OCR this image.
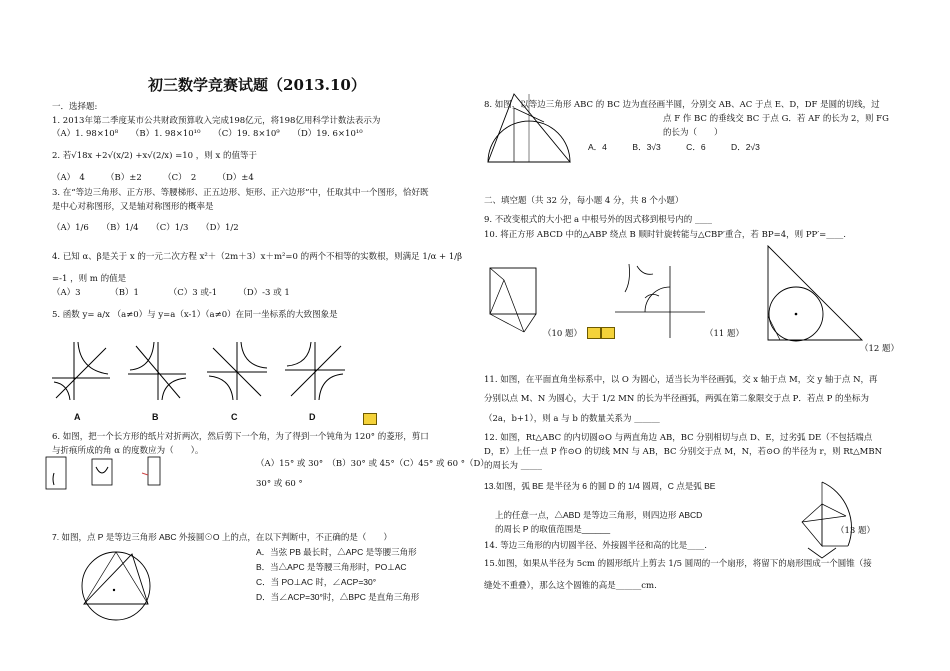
初三数学竞赛试题（2013.10）
一．选择题:
1. 2013年第二季度某市公共财政预算收入完成198亿元，将198亿用科学计数法表示为
（A）1. 98×10⁸　　（B）1. 98×10¹⁰　　（C）19. 8×10⁹　　（D）19. 6×10¹⁰
2. 若√18x +2√(x/2) +x√(2/x) =10 ，则 x 的值等于
（A）　4　　　（B）±2　　　（C）　2　　　（D）±4
3. 在“等边三角形、正方形、等腰梯形、正五边形、矩形、正六边形”中，任取其中一个图形，恰好既
是中心对称图形，又是轴对称图形的概率是
（A）1/6　　（B）1/4　　（C）1/3　　（D）1/2
4. 已知 α、β是关于 x 的一元二次方程 x²＋（2m＋3）x＋m²=0 的两个不相等的实数根，则满足 1/α + 1/β
=-1 ，则 m 的值是
（A）3　　　　（B）1　　　　（C）3 或-1　　　（D）-3 或 1
5. 函数 y= a/x （a≠0）与 y=a（x-1）（a≠0）在同一坐标系的大致图象是
A	B	C	D
6. 如图，把一个长方形的纸片对折两次，然后剪下一个角，为了得到一个钝角为 120° 的菱形，剪口
与折痕所成的角 α 的度数应为（　　）。
（A）15° 或 30°　（B）30° 或 45°（C）45° 或 60 °（D）
30° 或 60 °
7. 如图，点 P 是等边三角形 ABC 外接圆⊙O 上的点，在以下判断中，不正确的是（　　）
A．当弦 PB 最长时，△APC 是等腰三角形
B．当△APC 是等腰三角形时，PO⊥AC
C．当 PO⊥AC 时，∠ACP=30°
D．当∠ACP=30°时，△BPC 是直角三角形
8. 如图，以等边三角形 ABC 的 BC 边为直径画半圆，分别交 AB、AC 于点 E、D，DF 是圆的切线，过
点 F 作 BC 的垂线交 BC 于点 G．若 AF 的长为 2，则 FG
的长为（　　）
A．4　　　B．3√3　　　C．6　　　D．2√3
二、填空题（共 32 分，每小题 4 分，共 8 个小题）
9. 不改变根式的大小把 a 中根号外的因式移到根号内的 ____
10. 将正方形 ABCD 中的△ABP 绕点 B 顺时针旋转能与△CBP′重合，若 BP=4，则 PP′=____.
（10 题）	（11 题）
（12 题）
11. 如图，在平面直角坐标系中，以 O 为圆心，适当长为半径画弧，交 x 轴于点 M，交 y 轴于点 N，再
分别以点 M、N 为圆心，大于 1/2 MN 的长为半径画弧，两弧在第二象限交于点 P．若点 P 的坐标为
（2a，b+1），则 a 与 b 的数量关系为 ______
12. 如图，Rt△ABC 的内切圆⊙O 与两直角边 AB，BC 分别相切与点 D、E，过劣弧 DE（不包括端点
D，E）上任一点 P 作⊙O 的切线 MN 与 AB，BC 分别交于点 M，N，若⊙O 的半径为 r，则 Rt△MBN
的周长为 _____
13.如图，弧 BE 是半径为 6 的圆 D 的 1/4 圆周，C 点是弧 BE
上的任意一点，△ABD 是等边三角形，则四边形 ABCD
的周长 P 的取值范围是______	（13 题）
14. 等边三角形的内切圆半径、外接圆半径和高的比是____.
15.如图，如果从半径为 5cm 的圆形纸片上剪去 1/5 圆周的一个扇形，将留下的扇形围成一个圆锥（接
缝处不重叠），那么这个圆锥的高是______cm.
